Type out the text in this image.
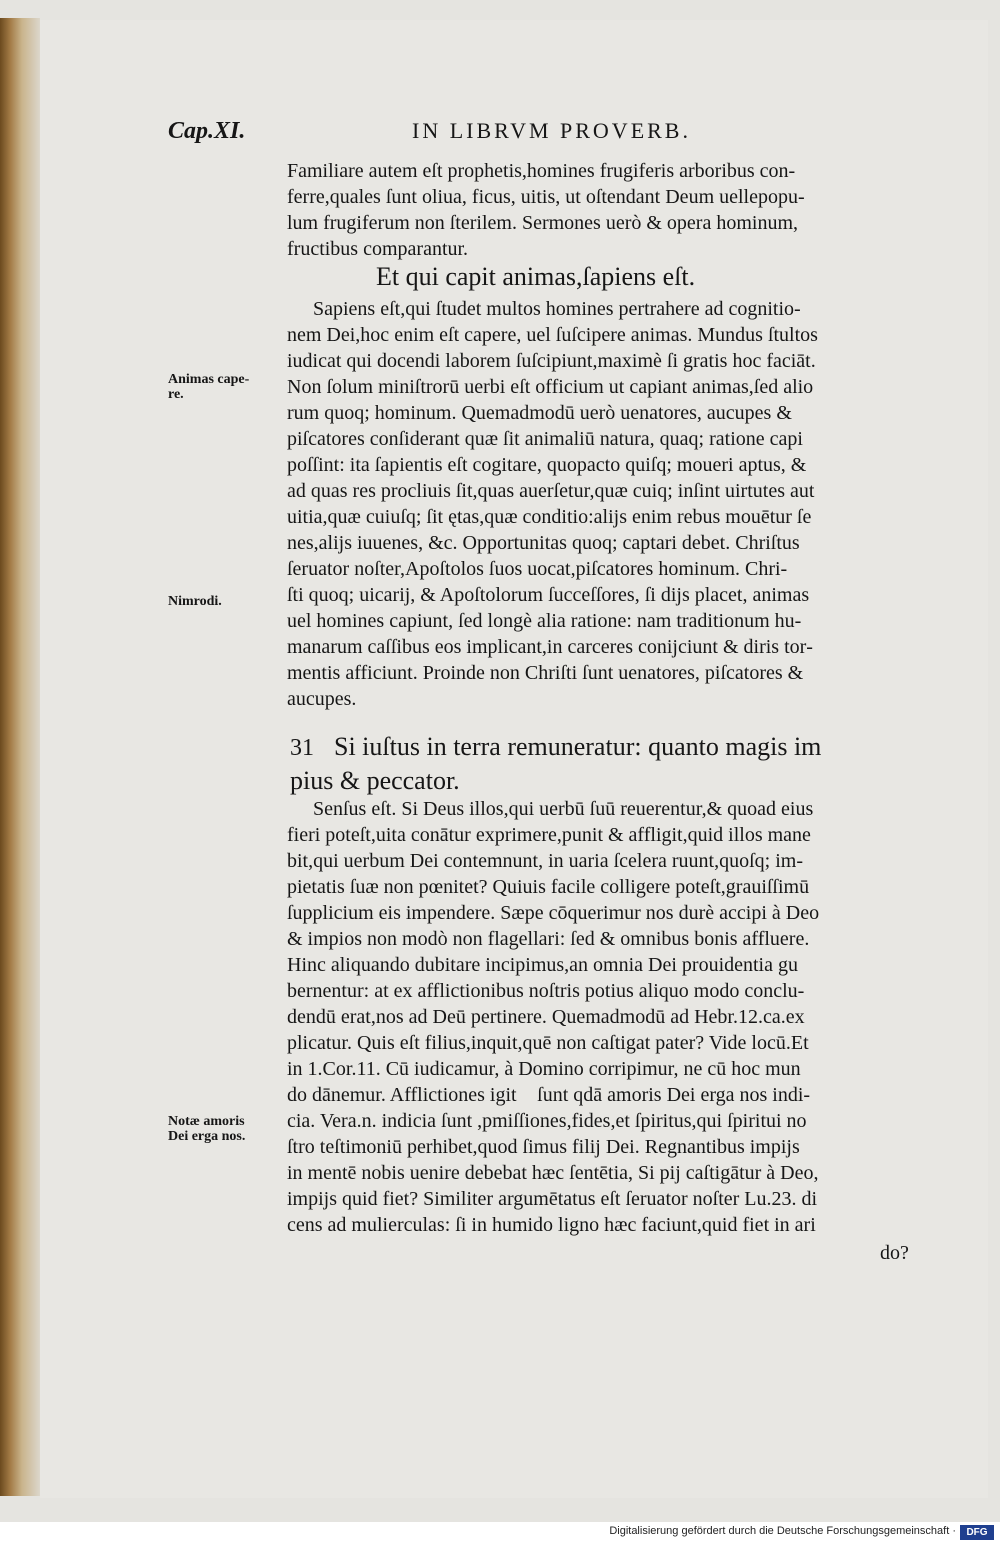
Cap.XI.	IN LIBRVM PROVERB.
Familiare autem eſt prophetis,homines frugiferis arboribus con‑
ferre,quales ſunt oliua, ficus, uitis, ut oſtendant Deum uellepopu‑
lum frugiferum non ſterilem. Sermones uerò & opera hominum,
fructibus comparantur.
Et qui capit animas,ſapiens eſt.
Sapiens eſt,qui ſtudet multos homines pertrahere ad cognitio‑
nem Dei,hoc enim eſt capere, uel ſuſcipere animas. Mundus ſtultos
iudicat qui docendi laborem ſuſcipiunt,maximè ſi gratis hoc faciāt.
Non ſolum miniſtrorū uerbi eſt officium ut capiant animas,ſed alio
rum quoq; hominum. Quemadmodū uerò uenatores, aucupes &
piſcatores conſiderant quæ ſit animaliū natura, quaq; ratione capi
poſſint: ita ſapientis eſt cogitare, quopacto quiſq; moueri aptus, &
ad quas res procliuis ſit,quas auerſetur,quæ cuiq; inſint uirtutes aut
uitia,quæ cuiuſq; ſit ętas,quæ conditio:alijs enim rebus mouētur ſe
nes,alijs iuuenes, &c. Opportunitas quoq; captari debet. Chriſtus
ſeruator noſter,Apoſtolos ſuos uocat,piſcatores hominum. Chri‑
ſti quoq; uicarij, & Apoſtolorum ſucceſſores, ſi dijs placet, animas
uel homines capiunt, ſed longè alia ratione: nam traditionum hu‑
manarum caſſibus eos implicant,in carceres conijciunt & diris tor‑
mentis afficiunt. Proinde non Chriſti ſunt uenatores, piſcatores &
aucupes.
31 Si iuſtus in terra remuneratur: quanto magis im
pius & peccator.
Senſus eſt. Si Deus illos,qui uerbū ſuū reuerentur,& quoad eius
fieri poteſt,uita conātur exprimere,punit & affligit,quid illos mane
bit,qui uerbum Dei contemnunt, in uaria ſcelera ruunt,quoſq; im‑
pietatis ſuæ non pœnitet? Quiuis facile colligere poteſt,grauiſſimū
ſupplicium eis impendere. Sæpe cōquerimur nos durè accipi à Deo
& impios non modò non flagellari: ſed & omnibus bonis affluere.
Hinc aliquando dubitare incipimus,an omnia Dei prouidentia gu
bernentur: at ex afflictionibus noſtris potius aliquo modo conclu‑
dendū erat,nos ad Deū pertinere. Quemadmodū ad Hebr.12.ca.ex
plicatur. Quis eſt filius,inquit,quē non caſtigat pater? Vide locū.Et
in 1.Cor.11. Cū iudicamur, à Domino corripimur, ne cū hoc mun
do dānemur. Afflictiones igitᷣ ſunt qdā amoris Dei erga nos indi‑
cia. Vera.n. indicia ſunt ,pmiſſiones,fides,et ſpiritus,qui ſpiritui no
ſtro teſtimoniū perhibet,quod ſimus filij Dei. Regnantibus impijs
in mentē nobis uenire debebat hæc ſentētia, Si pij caſtigātur à Deo,
impijs quid fiet? Similiter argumētatus eſt ſeruator noſter Lu.23. di
cens ad mulierculas: ſi in humido ligno hæc faciunt,quid fiet in ari
do?
Animas cape-
re.
Nimrodi.
Notæ amoris
Dei erga nos.
Digitalisierung gefördert durch die Deutsche Forschungsgemeinschaft ·	DFG
